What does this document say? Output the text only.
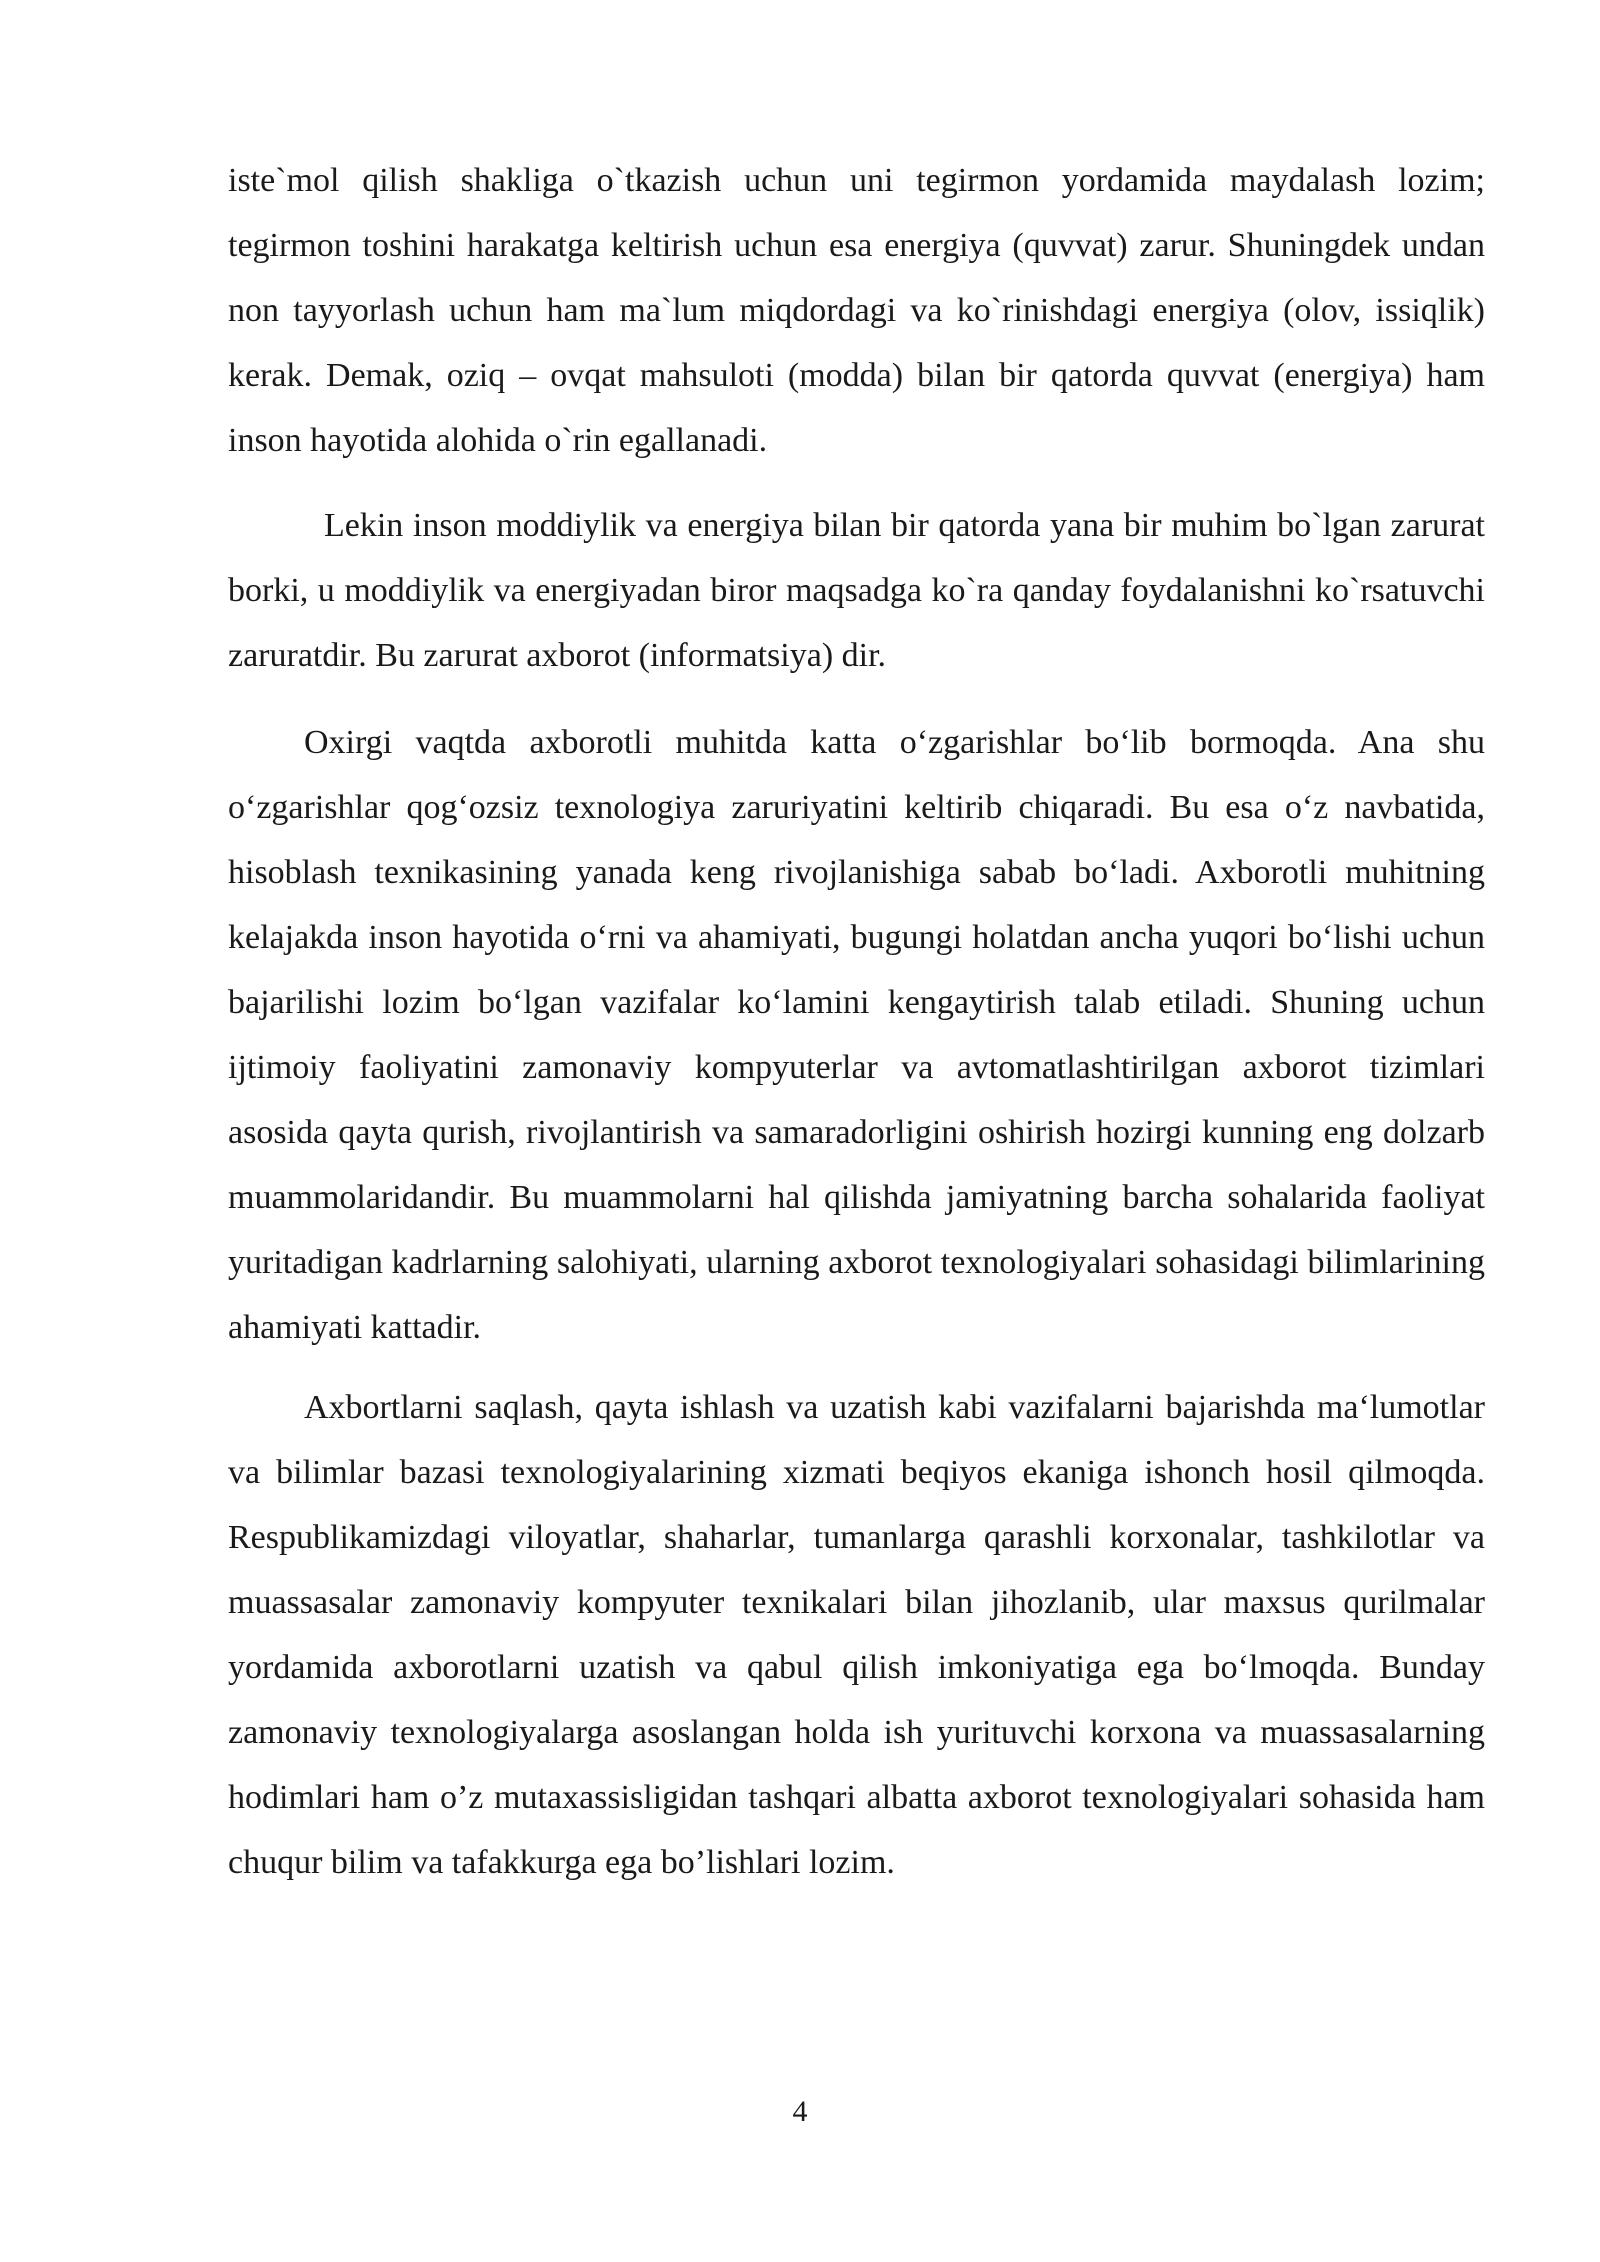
iste`mol qilish shakliga o`tkazish uchun uni tegirmon yordamida maydalash lozim; tegirmon toshini harakatga keltirish uchun esa energiya (quvvat) zarur. Shuningdek undan non tayyorlash uchun ham ma`lum miqdordagi va ko`rinishdagi energiya (olov, issiqlik) kerak. Demak, oziq – ovqat mahsuloti (modda) bilan bir qatorda quvvat (energiya) ham inson hayotida alohida o`rin egallanadi.

Lekin inson moddiylik va energiya bilan bir qatorda yana bir muhim bo`lgan zarurat borki, u moddiylik va energiyadan biror maqsadga ko`ra qanday foydalanishni ko`rsatuvchi zaruratdir. Bu zarurat axborot (informatsiya) dir.

Oxirgi vaqtda axborotli muhitda katta o‘zgarishlar bo‘lib bormoqda. Ana shu o‘zgarishlar qog‘ozsiz texnologiya zaruriyatini keltirib chiqaradi. Bu esa o‘z navbatida, hisoblash texnikasining yanada keng rivojlanishiga sabab bo‘ladi. Axborotli muhitning kelajakda inson hayotida o‘rni va ahamiyati, bugungi holatdan ancha yuqori bo‘lishi uchun bajarilishi lozim bo‘lgan vazifalar ko‘lamini kengaytirish talab etiladi. Shuning uchun ijtimoiy faoliyatini zamonaviy kompyuterlar va avtomatlashtirilgan axborot tizimlari asosida qayta qurish, rivojlantirish va samaradorligini oshirish hozirgi kunning eng dolzarb muammolaridandir. Bu muammolarni hal qilishda jamiyatning barcha sohalarida faoliyat yuritadigan kadrlarning salohiyati, ularning axborot texnologiyalari sohasidagi bilimlarining ahamiyati kattadir.

Axbortlarni saqlash, qayta ishlash va uzatish kabi vazifalarni bajarishda ma‘lumotlar va bilimlar bazasi texnologiyalarining xizmati beqiyos ekaniga ishonch hosil qilmoqda. Respublikamizdagi viloyatlar, shaharlar, tumanlarga qarashli korxonalar, tashkilotlar va muassasalar zamonaviy kompyuter texnikalari bilan jihozlanib, ular maxsus qurilmalar yordamida axborotlarni uzatish va qabul qilish imkoniyatiga ega bo‘lmoqda. Bunday zamonaviy texnologiyalarga asoslangan holda ish yurituvchi korxona va muassasalarning hodimlari ham o’z mutaxassisligidan tashqari albatta axborot texnologiyalari sohasida ham chuqur bilim va tafakkurga ega bo’lishlari lozim.

4
